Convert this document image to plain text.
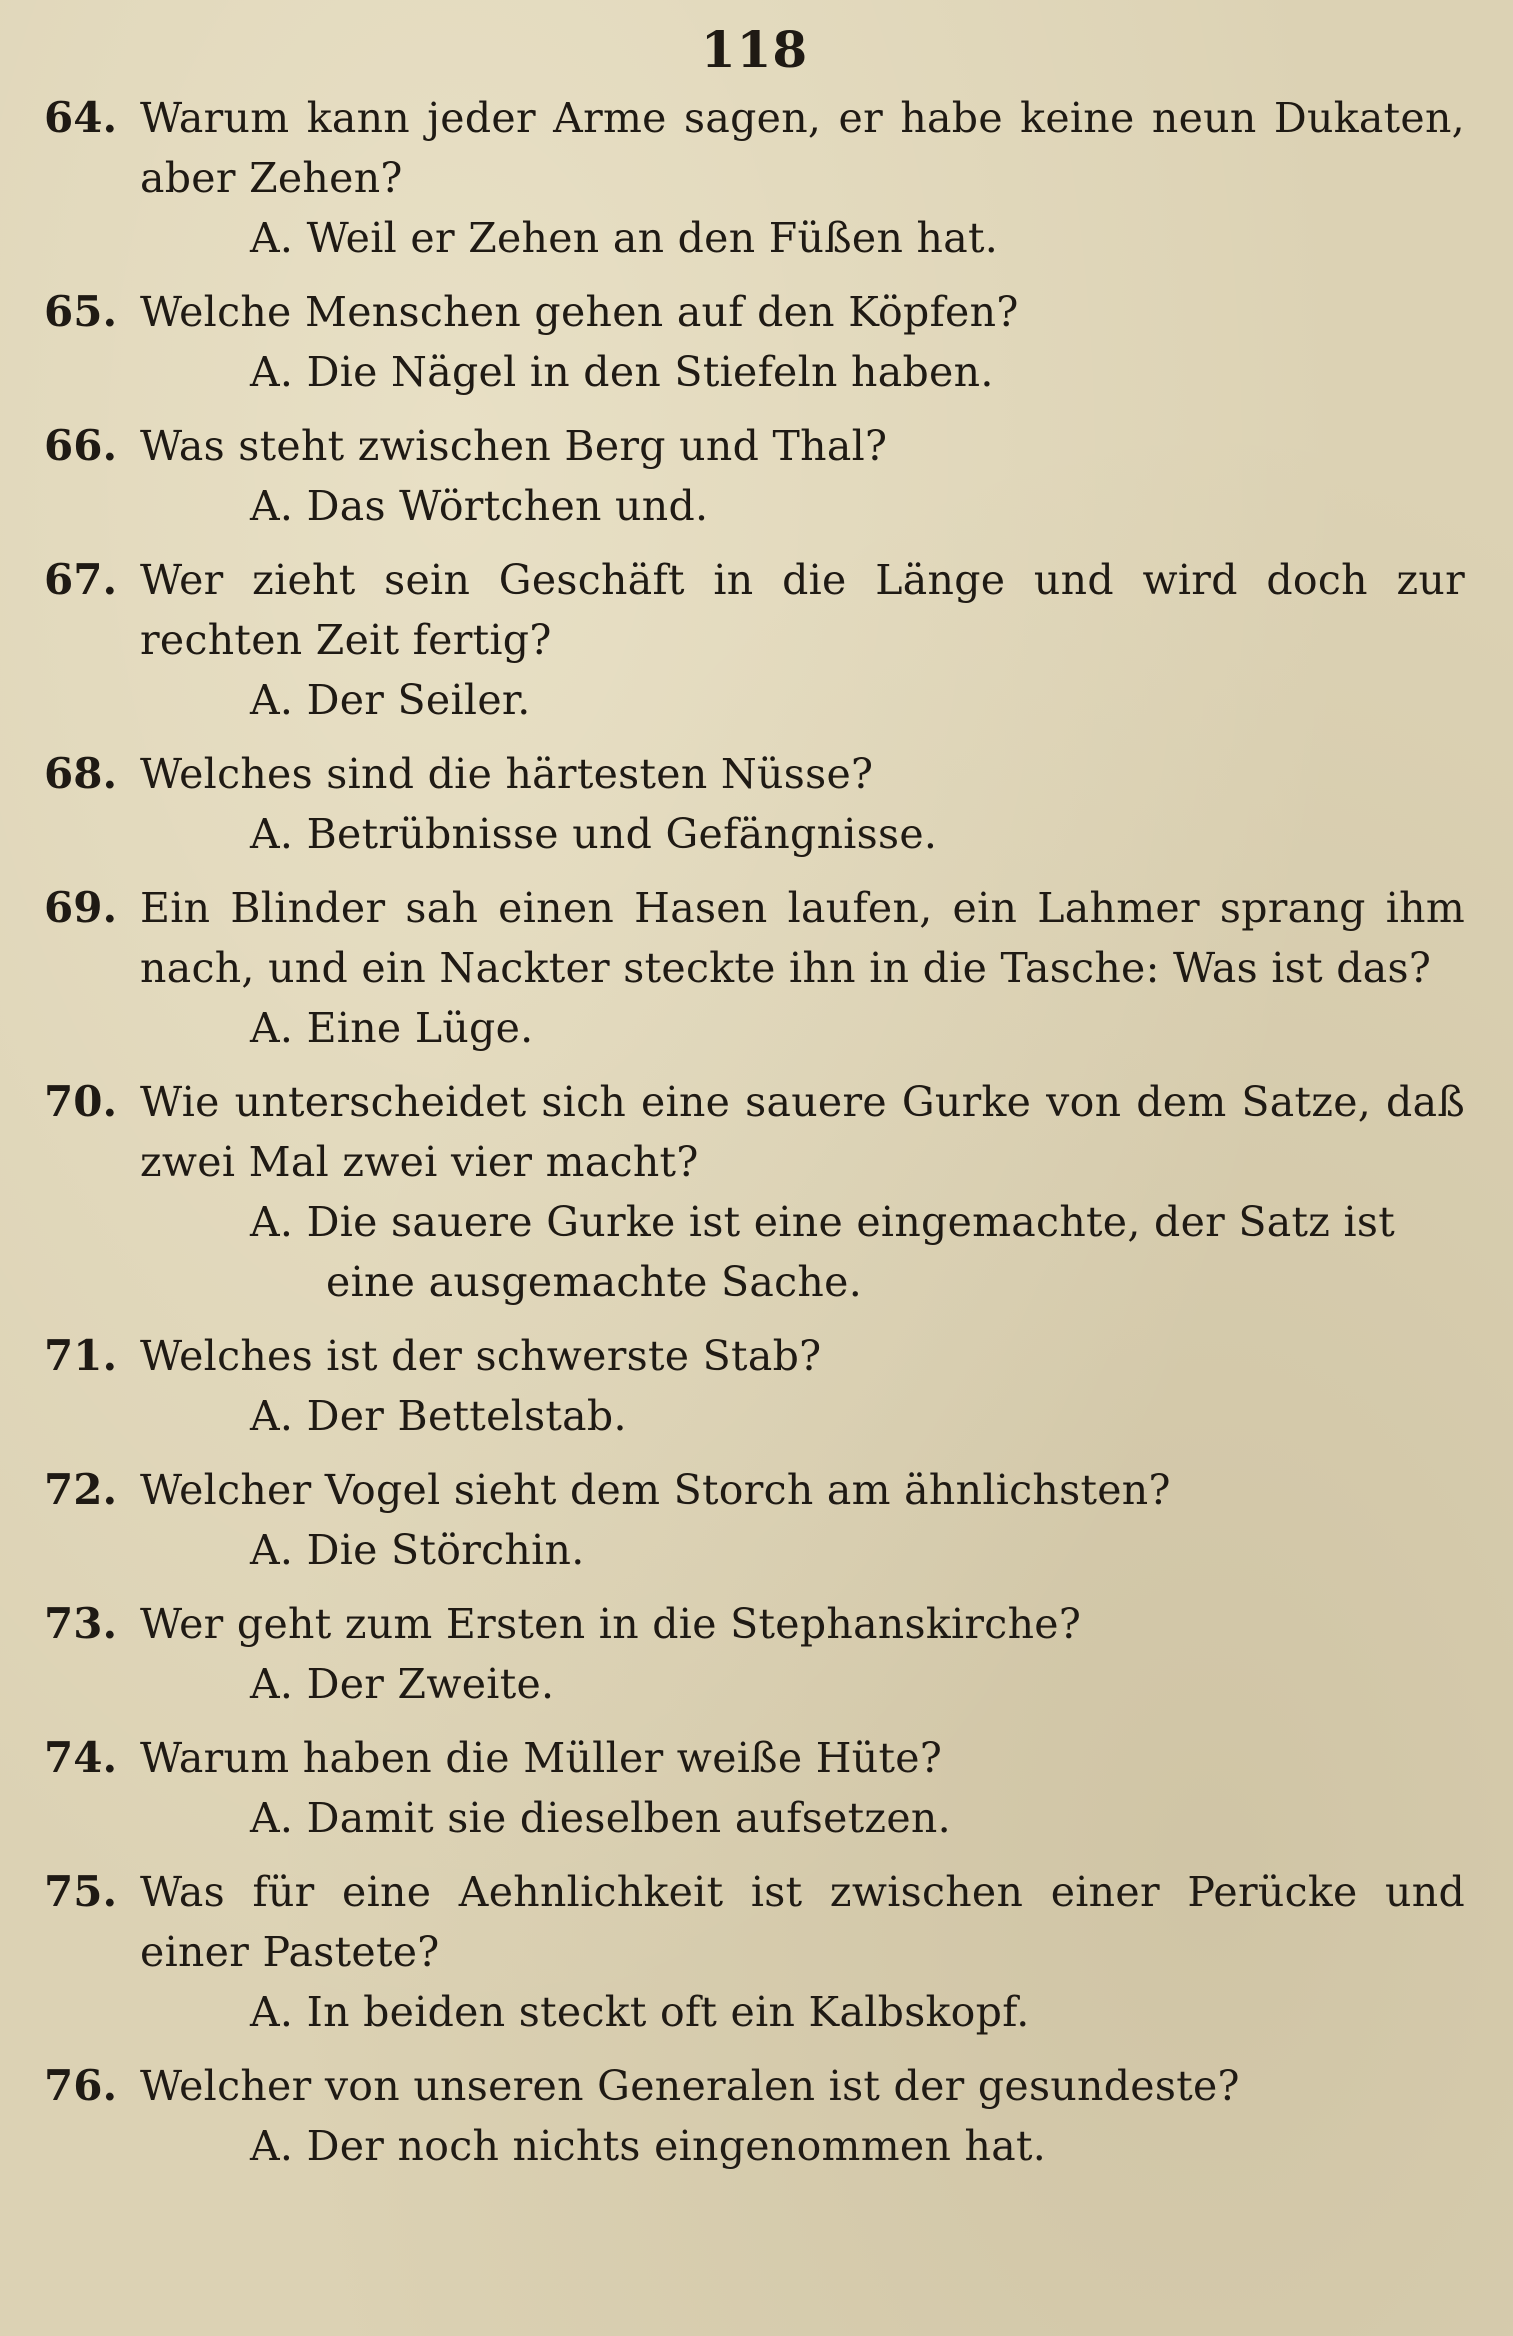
118
64. Warum kann jeder Arme sagen, er habe keine neun Dukaten, aber Zehen?
A. Weil er Zehen an den Füßen hat.
65. Welche Menschen gehen auf den Köpfen?
A. Die Nägel in den Stiefeln haben.
66. Was steht zwischen Berg und Thal?
A. Das Wörtchen und.
67. Wer zieht sein Geschäft in die Länge und wird doch zur rechten Zeit fertig?
A. Der Seiler.
68. Welches sind die härtesten Nüsse?
A. Betrübnisse und Gefängnisse.
69. Ein Blinder sah einen Hasen laufen, ein Lahmer sprang ihm nach, und ein Nackter steckte ihn in die Tasche: Was ist das?
A. Eine Lüge.
70. Wie unterscheidet sich eine sauere Gurke von dem Satze, daß zwei Mal zwei vier macht?
A. Die sauere Gurke ist eine eingemachte, der Satz ist eine ausgemachte Sache.
71. Welches ist der schwerste Stab?
A. Der Bettelstab.
72. Welcher Vogel sieht dem Storch am ähnlichsten?
A. Die Störchin.
73. Wer geht zum Ersten in die Stephanskirche?
A. Der Zweite.
74. Warum haben die Müller weiße Hüte?
A. Damit sie dieselben aufsetzen.
75. Was für eine Aehnlichkeit ist zwischen einer Perücke und einer Pastete?
A. In beiden steckt oft ein Kalbskopf.
76. Welcher von unseren Generalen ist der gesundeste?
A. Der noch nichts eingenommen hat.
